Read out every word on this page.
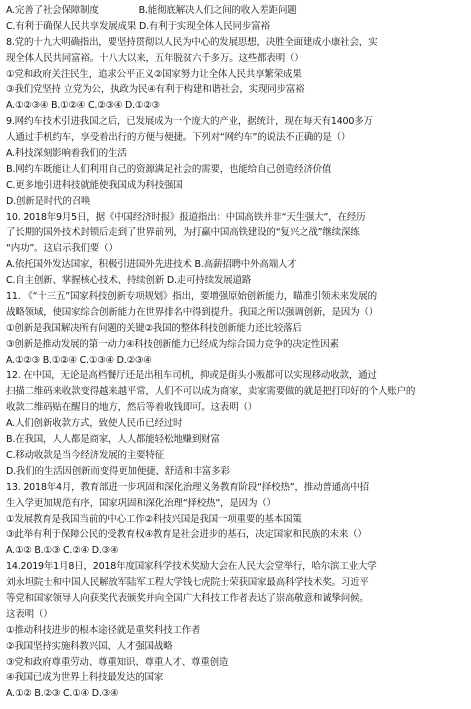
A.完善了社会保障制度	B.能彻底解决人们之间的收入差距问题
C.有利于确保人民共享发展成果 D.有利于实现全体人民同步富裕
8.党的十九大明确指出，要坚持贯彻以人民为中心的发展思想，决胜全面建成小康社会，实
现全体人民共同富裕。十八大以来，五年脱贫六千多万。这些都表明（）
①党和政府关注民生，追求公平正义②国家努力让全体人民共享繁荣成果
③我们党坚持 立党为公，执政为民④有利于构建和谐社会，实现同步富裕
A.①②③④ B.①②④ C.②③④ D.①②③
9.网约车技术引进我国之后，已发展成为一个庞大的产业，据统计，现在每天有1400多万
人通过手机约车，享受着出行的方便与便捷。下列对“网约车”的说法不正确的是（）
A.科技深刻影响着我们的生活
B.网约车既能让人们利用自己的资源满足社会的需要，也能给自己创造经济价值
C.更多地引进科技就能使我国成为科技强国
D.创新是时代的召唤
10. 2018年9月5日，据《中国经济时报》报道指出：中国高铁并非“天生强大”，在经历
了长期的国外技术封锁后走到了世界前列，为打赢中国高铁建设的“复兴之战”继续深练
“内功”。这启示我们要（）
A.依托国外发达国家，积极引进国外先进技术 B.高薪招聘中外高端人才
C.自主创新、掌握核心技术、持续创新 D.走可持续发展道路
11. 《“十三五”国家科技创新专项规划》指出，要增强原始创新能力，瞄准引领未来发展的
战略领域，使国家综合创新能力在世界排名中得到提升。我国之所以强调创新，是因为（）
①创新是我国解决所有问题的关键②我国的整体科技创新能力还比较落后
③创新是推动发展的第一动力④科技创新能力已经成为综合国力竞争的决定性因素
A.①②③ B.①②④ C.①③④ D.②③④
12. 在中国，无论是高档餐厅还是出租车司机，抑或是街头小贩都可以实现移动收款，通过
扫描二维码来收款变得越来越平常，人们不可以成为商家，卖家需要做的就是把打印好的个人账户的
收款二维码贴在醒目的地方，然后等着收钱即可。这表明（）
A.人们创新收款方式，致使人民币已经过时
B.在我国，人人都是商家，人人都能轻松地赚到财富
C.移动收款是当今经济发展的主要特征
D.我们的生活因创新而变得更加便捷、舒适和丰富多彩
13. 2018年4月，教育部进一步巩固和深化治理义务教育阶段“择校热”，推动普通高中招
生入学更加规范有序，国家巩固和深化治理“择校热”，是因为（）
①发展教育是我国当前的中心工作②科技兴国是我国一项重要的基本国策
③此举有利于保障公民的受教育权④教育是社会进步的基石，决定国家和民族的未来（）
A.①② B.①③ C.②④ D.③④
14.2019年1月8日，2018年度国家科学技术奖励大会在人民大会堂举行，哈尔滨工业大学
刘永坦院士和中国人民解放军陆军工程大学钱七虎院士荣获国家最高科学技术奖。习近平
等党和国家领导人向获奖代表颁奖并向全国广大科技工作者表达了崇高敬意和诚挚问候。
这表明（）
①推动科技进步的根本途径就是重奖科技工作者
②我国坚持实施科教兴国、人才强国战略
③党和政府尊重劳动、尊重知识、尊重人才、尊重创造
④我国已成为世界上科技最发达的国家
A.①② B.②③ C.①④ D.③④
